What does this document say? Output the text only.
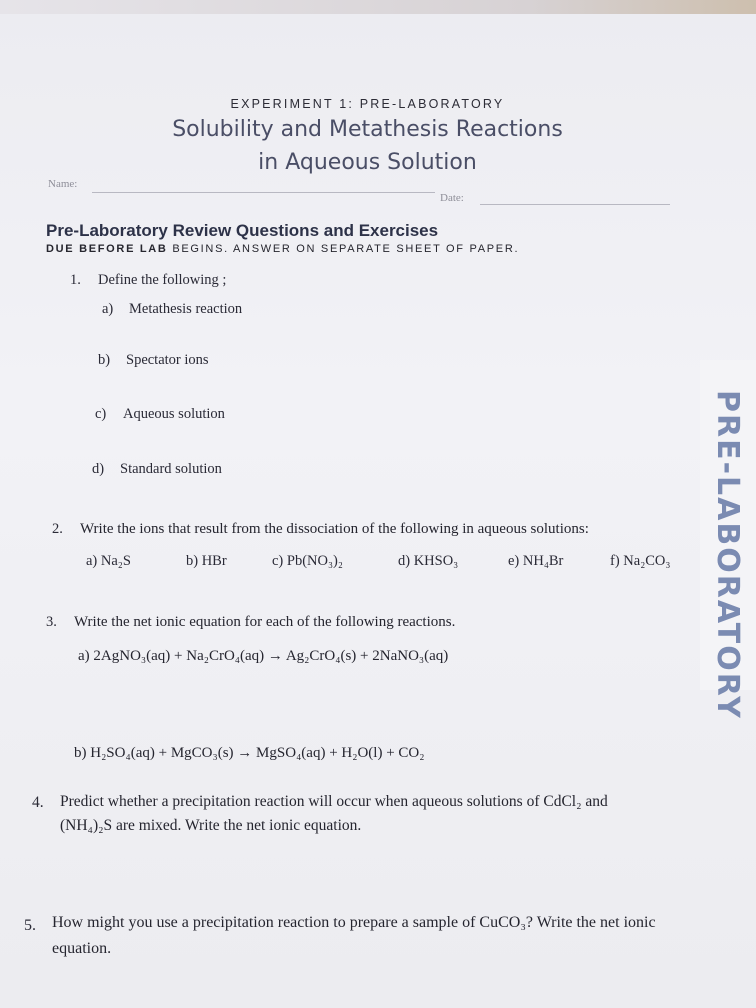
EXPERIMENT 1: PRE-LABORATORY
Solubility and Metathesis Reactions
in Aqueous Solution
Name:
Date:
Pre-Laboratory Review Questions and Exercises
DUE BEFORE LAB BEGINS. ANSWER ON SEPARATE SHEET OF PAPER.
1. Define the following ;
a) Metathesis reaction
b) Spectator ions
c) Aqueous solution
d) Standard solution
2. Write the ions that result from the dissociation of the following in aqueous solutions:
a) Na₂S	b) HBr	c) Pb(NO₃)₂	d) KHSO₃	e) NH₄Br	f) Na₂CO₃
3. Write the net ionic equation for each of the following reactions.
a) 2AgNO₃(aq) + Na₂CrO₄(aq) → Ag₂CrO₄(s) + 2NaNO₃(aq)
b) H₂SO₄(aq) + MgCO₃(s) → MgSO₄(aq) + H₂O(l) + CO₂
4. Predict whether a precipitation reaction will occur when aqueous solutions of CdCl₂ and
(NH₄)₂S are mixed. Write the net ionic equation.
5. How might you use a precipitation reaction to prepare a sample of CuCO₃? Write the net ionic
equation.
PRE-LABORATORY
